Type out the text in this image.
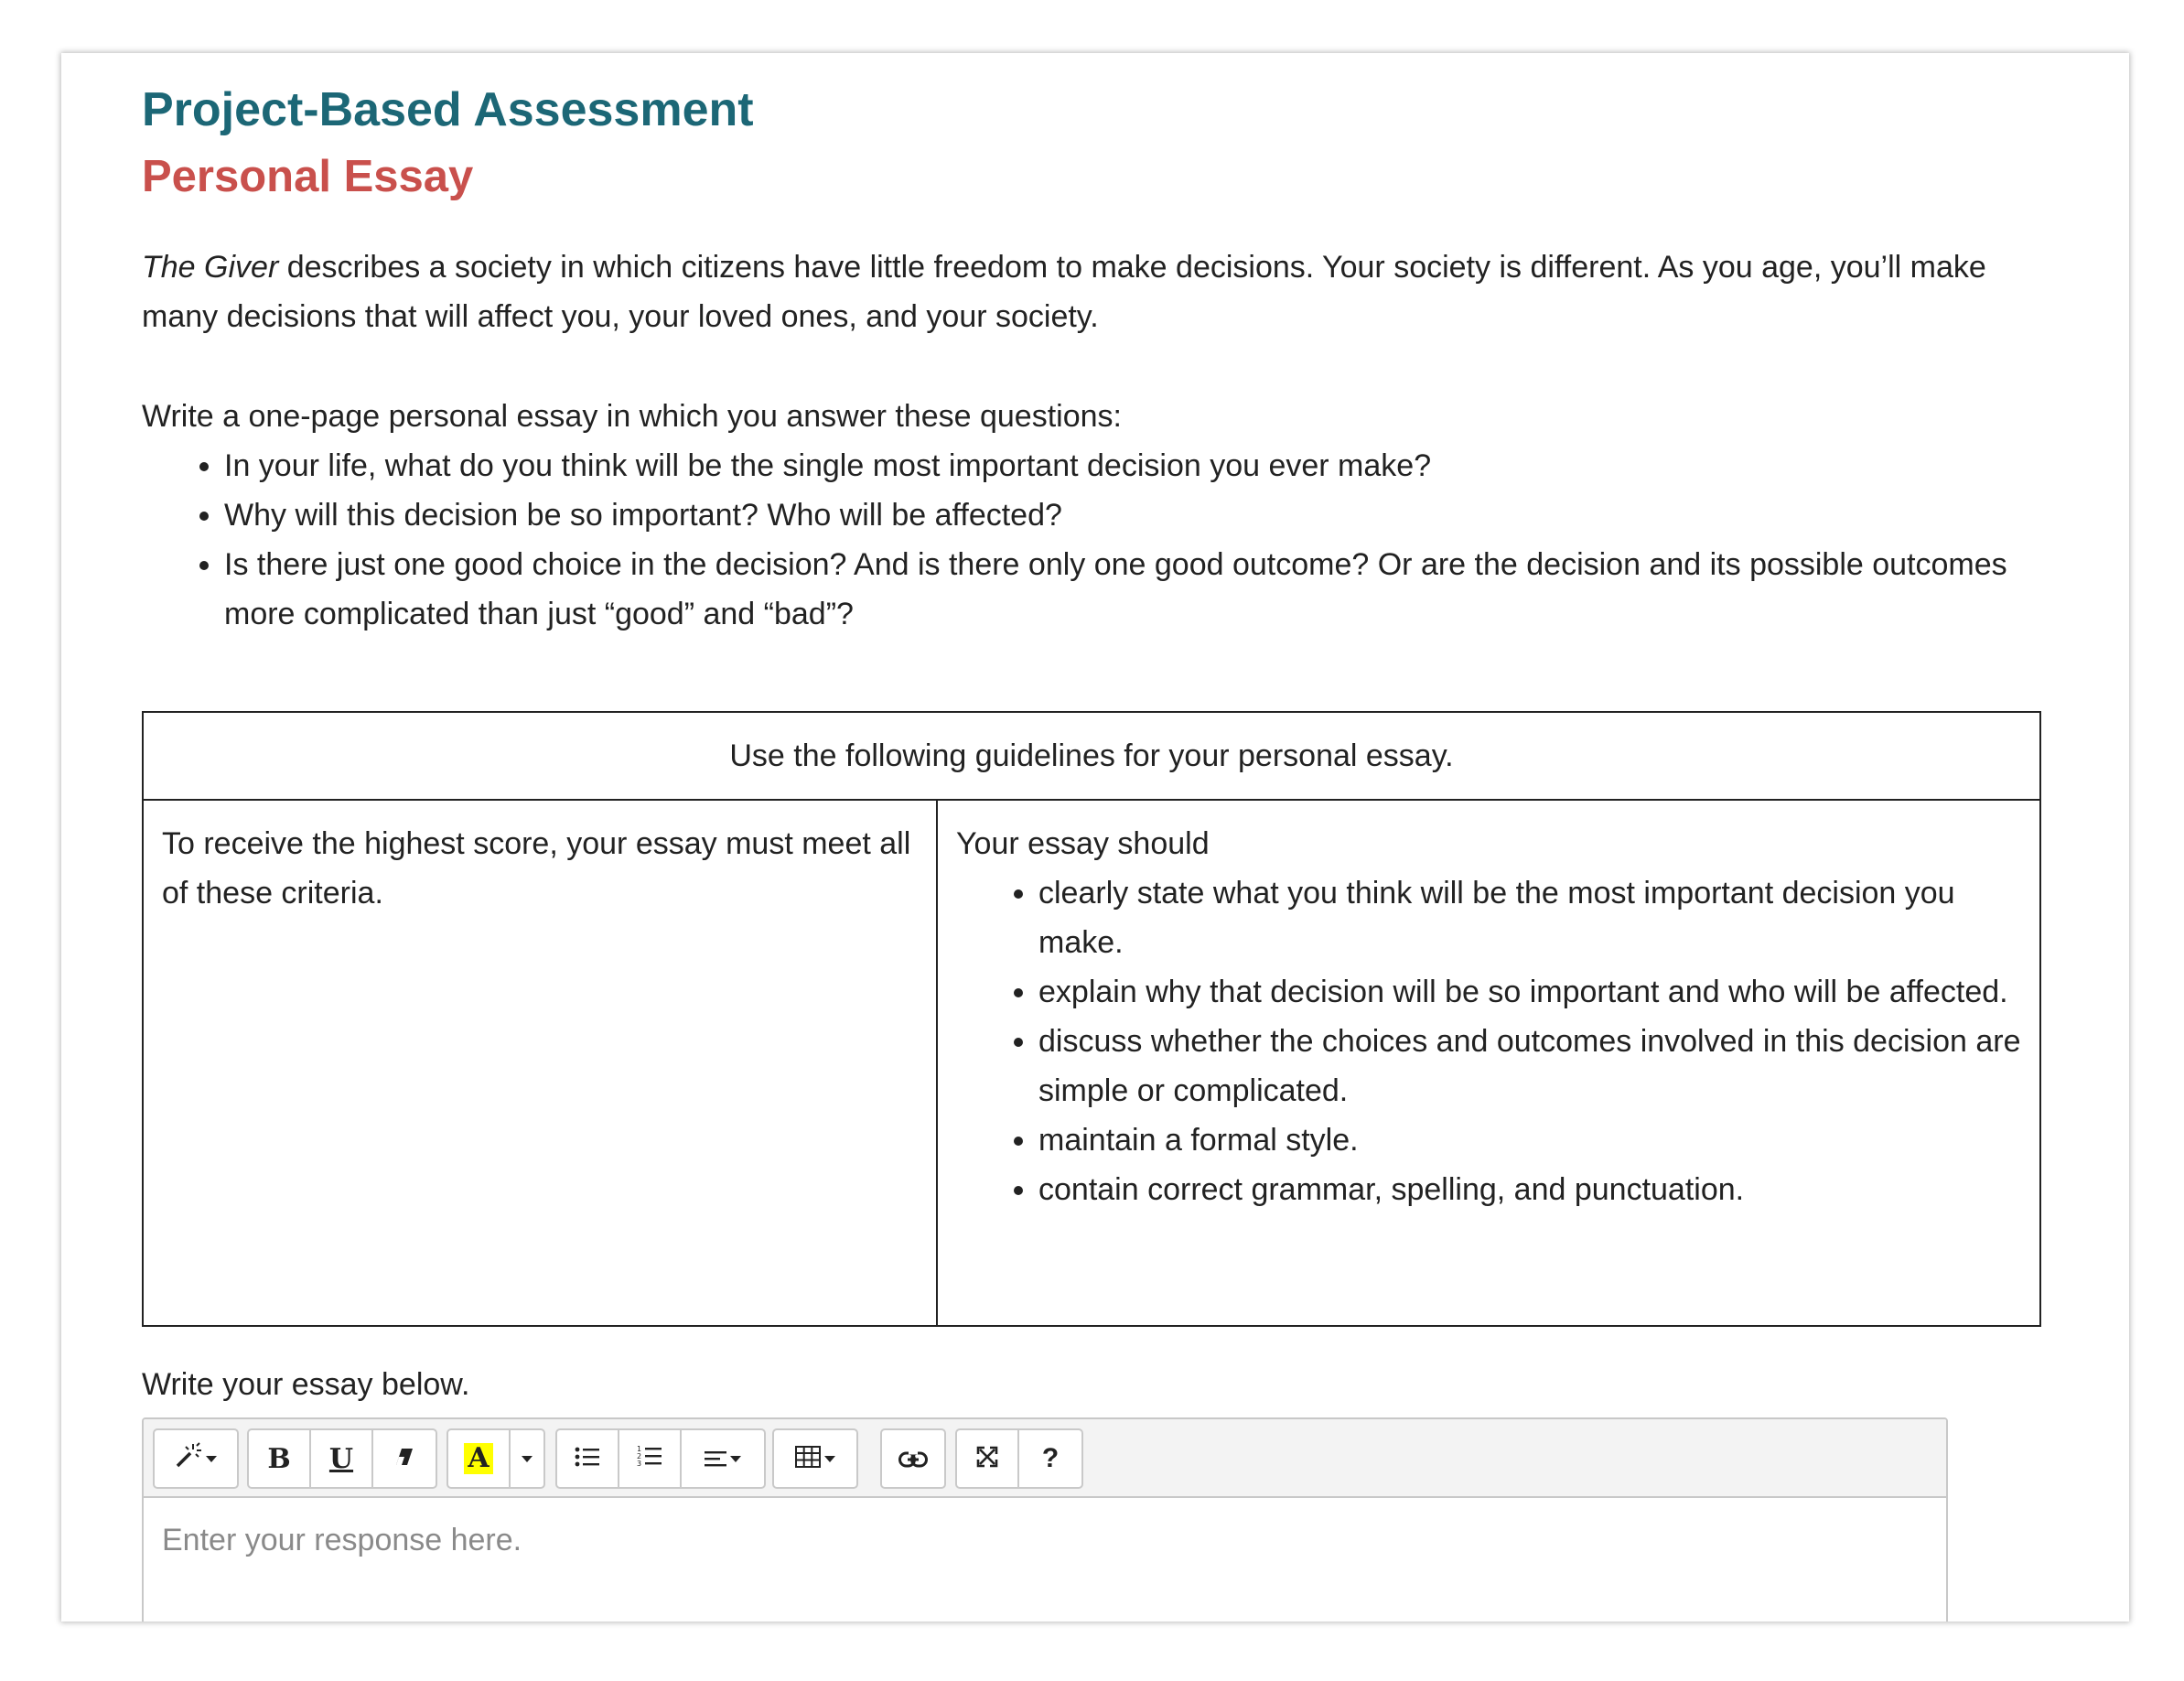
Project-Based Assessment
Personal Essay

The Giver describes a society in which citizens have little freedom to make decisions. Your society is different. As you age, you’ll make many decisions that will affect you, your loved ones, and your society.

Write a one-page personal essay in which you answer these questions:

• In your life, what do you think will be the single most important decision you ever make?
• Why will this decision be so important? Who will be affected?
• Is there just one good choice in the decision? And is there only one good outcome? Or are the decision and its possible outcomes more complicated than just “good” and “bad”?
Use the following guidelines for your personal essay.
To receive the highest score, your essay must meet all of these criteria.	
Your essay should
• clearly state what you think will be the most important decision you make.
• explain why that decision will be so important and who will be affected.
• discuss whether the choices and outcomes involved in this decision are simple or complicated.
• maintain a formal style.
• contain correct grammar, spelling, and punctuation.
Write your essay below.
B	U	A	1
2
3	?
Enter your response here.
